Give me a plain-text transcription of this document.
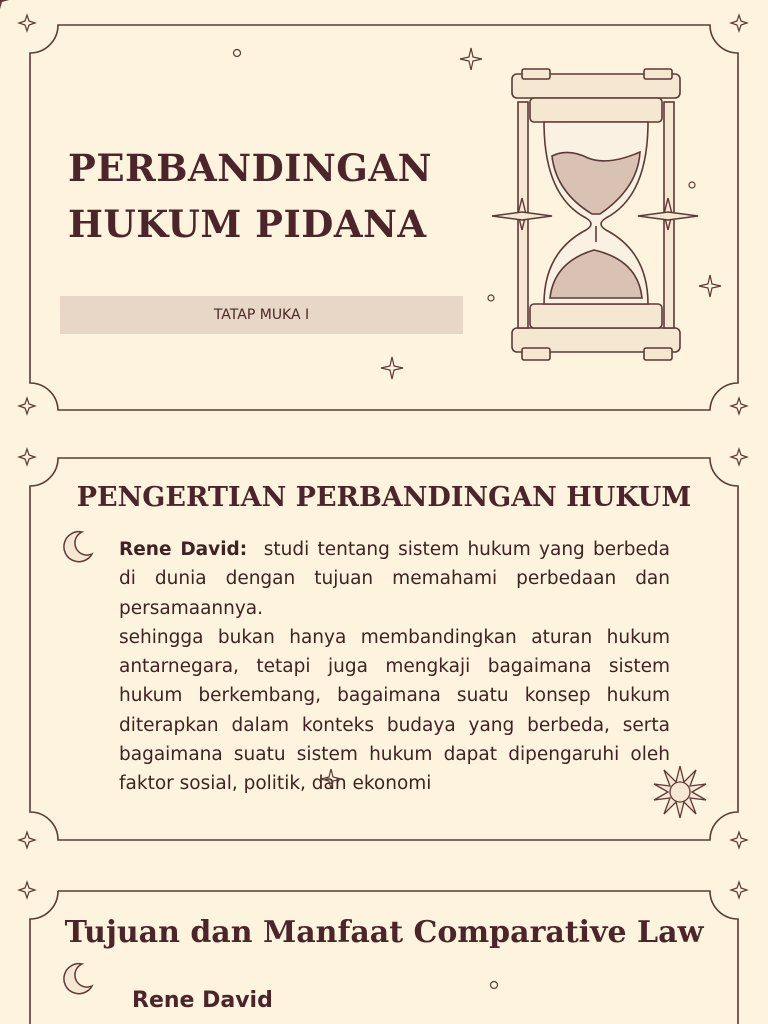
PERBANDINGAN
HUKUM PIDANA
TATAP MUKA I
PENGERTIAN PERBANDINGAN HUKUM

Rene David: studi tentang sistem hukum yang berbeda di dunia dengan tujuan memahami perbedaan dan persamaannya.

sehingga bukan hanya membandingkan aturan hukum antarnegara, tetapi juga mengkaji bagaimana sistem hukum berkembang, bagaimana suatu konsep hukum diterapkan dalam konteks budaya yang berbeda, serta bagaimana suatu sistem hukum dapat dipengaruhi oleh faktor sosial, politik, dan ekonomi

Tujuan dan Manfaat Comparative Law
Rene David
